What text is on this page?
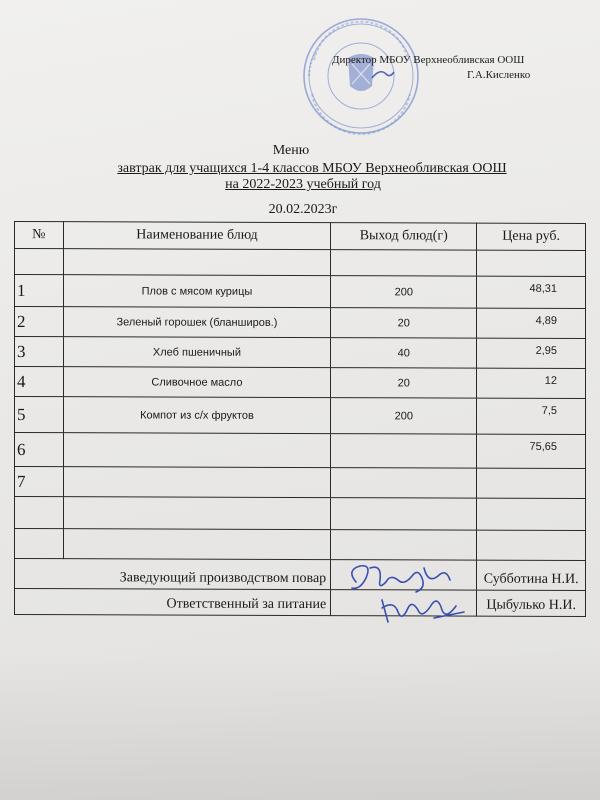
Директор МБОУ Верхнеобливская ООШ
Г.А.Кисленко
Меню
завтрак для учащихся 1-4 классов МБОУ Верхнеобливская ООШ
на 2022-2023 учебный год
20.02.2023г
№	Наименование блюд	Выход блюд(г)	Цена руб.

1	Плов с мясом курицы	200	48,31
2	Зеленый горошек (бланширов.)	20	4,89
3	Хлеб пшеничный	40	2,95
4	Сливочное масло	20	12
5	Компот из с/х фруктов	200	7,5
6			75,65
7			

Заведующий производством повар			Субботина Н.И.
Ответственный за питание			Цыбулько Н.И.
